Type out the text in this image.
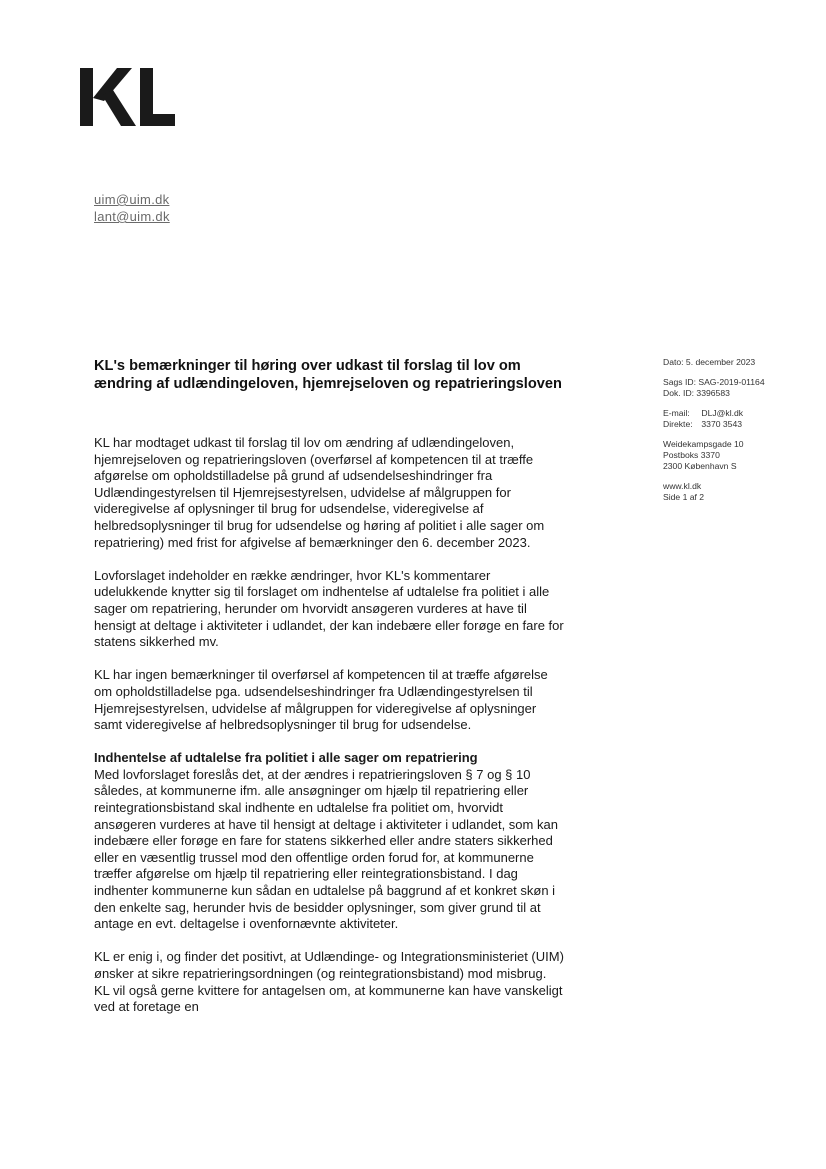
uim@uim.dk
lant@uim.dk
KL's bemærkninger til høring over udkast til forslag til lov om ændring af udlændingeloven, hjemrejseloven og repatrieringsloven

KL har modtaget udkast til forslag til lov om ændring af udlændingeloven, hjemrejseloven og repatrieringsloven (overførsel af kompetencen til at træffe afgørelse om opholdstilladelse på grund af udsendelseshindringer fra Udlændingestyrelsen til Hjemrejsestyrelsen, udvidelse af målgruppen for videregivelse af oplysninger til brug for udsendelse, videregivelse af helbredsoplysninger til brug for udsendelse og høring af politiet i alle sager om repatriering) med frist for afgivelse af bemærkninger den 6. december 2023.

Lovforslaget indeholder en række ændringer, hvor KL's kommentarer udelukkende knytter sig til forslaget om indhentelse af udtalelse fra politiet i alle sager om repatriering, herunder om hvorvidt ansøgeren vurderes at have til hensigt at deltage i aktiviteter i udlandet, der kan indebære eller forøge en fare for statens sikkerhed mv.

KL har ingen bemærkninger til overførsel af kompetencen til at træffe afgørelse om opholdstilladelse pga. udsendelseshindringer fra Udlændingestyrelsen til Hjemrejsestyrelsen, udvidelse af målgruppen for videregivelse af oplysninger samt videregivelse af helbredsoplysninger til brug for udsendelse.

Indhentelse af udtalelse fra politiet i alle sager om repatriering
Med lovforslaget foreslås det, at der ændres i repatrieringsloven § 7 og § 10 således, at kommunerne ifm. alle ansøgninger om hjælp til repatriering eller reintegrationsbistand skal indhente en udtalelse fra politiet om, hvorvidt ansøgeren vurderes at have til hensigt at deltage i aktiviteter i udlandet, som kan indebære eller forøge en fare for statens sikkerhed eller andre staters sikkerhed eller en væsentlig trussel mod den offentlige orden forud for, at kommunerne træffer afgørelse om hjælp til repatriering eller reintegrationsbistand. I dag indhenter kommunerne kun sådan en udtalelse på baggrund af et konkret skøn i den enkelte sag, herunder hvis de besidder oplysninger, som giver grund til at antage en evt. deltagelse i ovenfornævnte aktiviteter.

KL er enig i, og finder det positivt, at Udlændinge- og Integrationsministeriet (UIM) ønsker at sikre repatrieringsordningen (og reintegrationsbistand) mod misbrug. KL vil også gerne kvittere for antagelsen om, at kommunerne kan have vanskeligt ved at foretage en

Dato: 5. december 2023
Sags ID: SAG-2019-01164
Dok. ID: 3396583
E-mail: DLJ@kl.dk
Direkte: 3370 3543
Weidekampsgade 10
Postboks 3370
2300 København S
www.kl.dk
Side 1 af 2
